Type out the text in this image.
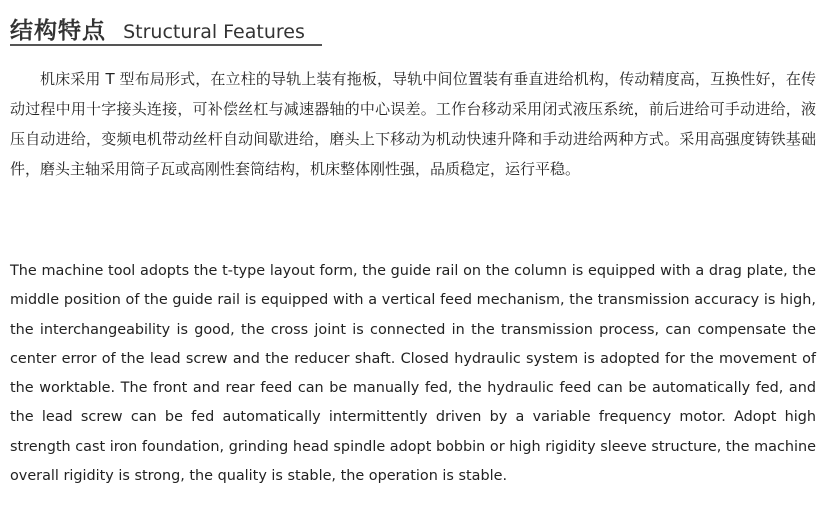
结构特点 Structural Features

机床采用 T 型布局形式，在立柱的导轨上装有拖板，导轨中间位置装有垂直进给机构，传动精度高，互换性好，在传动过程中用十字接头连接，可补偿丝杠与减速器轴的中心误差。工作台移动采用闭式液压系统，前后进给可手动进给，液压自动进给，变频电机带动丝杆自动间歇进给，磨头上下移动为机动快速升降和手动进给两种方式。采用高强度铸铁基础件，磨头主轴采用筒子瓦或高刚性套筒结构，机床整体刚性强，品质稳定，运行平稳。

The machine tool adopts the t-type layout form, the guide rail on the column is equipped with a drag plate, the middle position of the guide rail is equipped with a vertical feed mechanism, the transmission accuracy is high, the interchangeability is good, the cross joint is connected in the transmission process, can compensate the center error of the lead screw and the reducer shaft. Closed hydraulic system is adopted for the movement of the worktable. The front and rear feed can be manually fed, the hydraulic feed can be automatically fed, and the lead screw can be fed automatically intermittently driven by a variable frequency motor. Adopt high strength cast iron foundation, grinding head spindle adopt bobbin or high rigidity sleeve structure, the machine overall rigidity is strong, the quality is stable, the operation is stable.
